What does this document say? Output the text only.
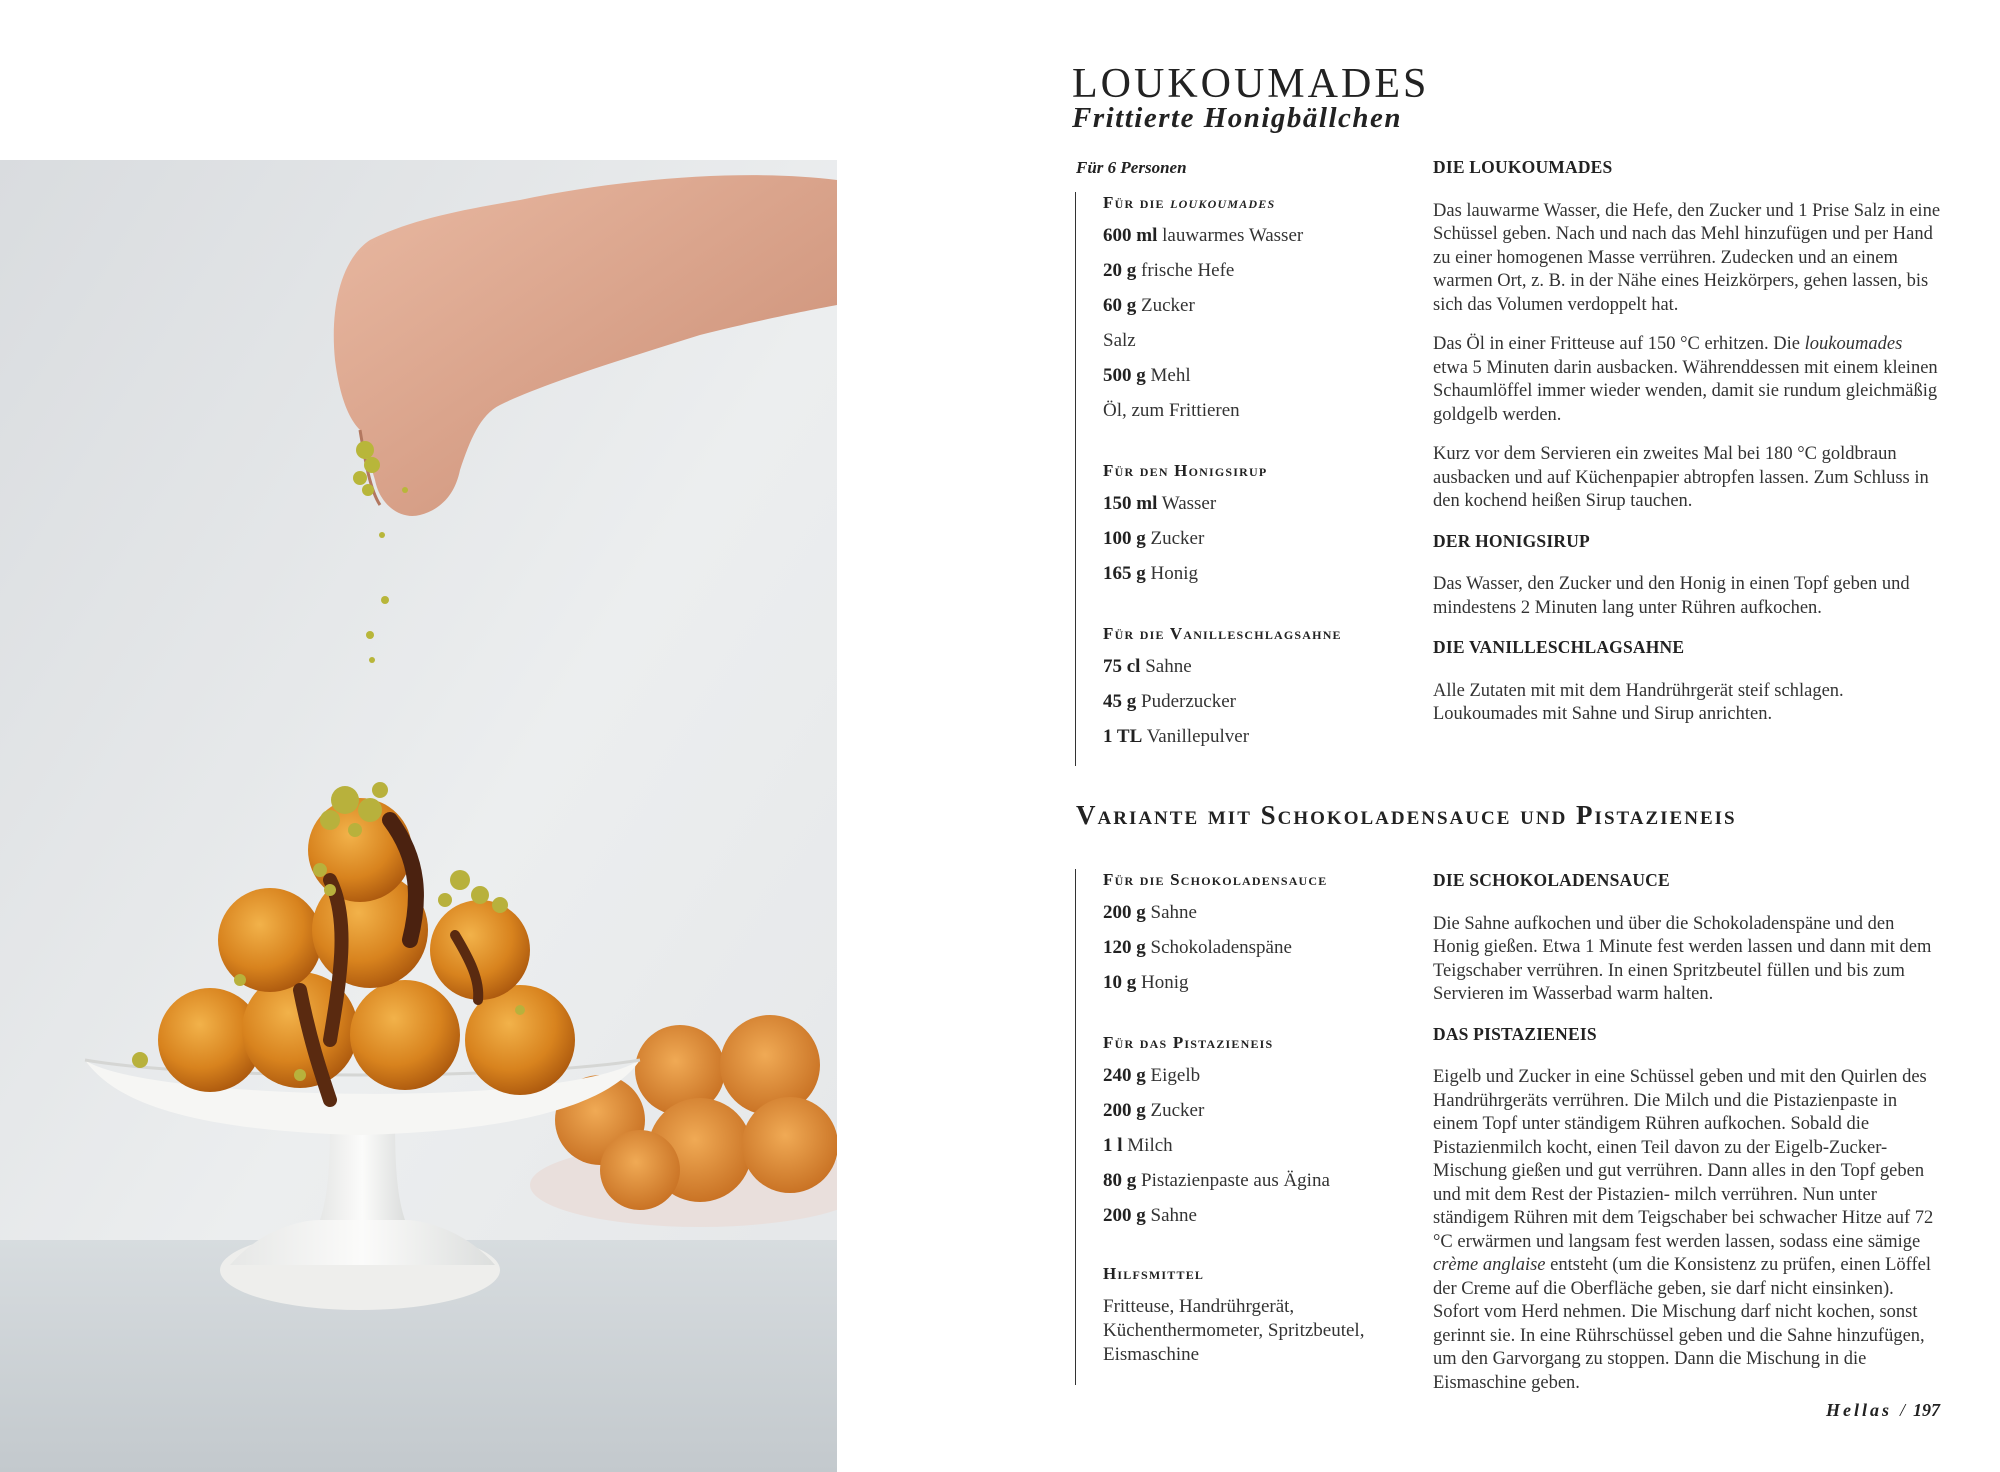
LOUKOUMADES
Frittierte Honigbällchen
Für 6 Personen
Für die loukoumades
600 ml lauwarmes Wasser
20 g frische Hefe
60 g Zucker
Salz
500 g Mehl
Öl, zum Frittieren
Für den Honigsirup
150 ml Wasser
100 g Zucker
165 g Honig
Für die Vanilleschlagsahne
75 cl Sahne
45 g Puderzucker
1 TL Vanillepulver
DIE LOUKOUMADES

Das lauwarme Wasser, die Hefe, den Zucker und 1 Prise Salz in eine Schüssel geben. Nach und nach das Mehl hinzufügen und per Hand zu einer homogenen Masse verrühren. Zudecken und an einem warmen Ort, z. B. in der Nähe eines Heizkörpers, gehen lassen, bis sich das Volumen verdoppelt hat.

Das Öl in einer Fritteuse auf 150 °C erhitzen. Die loukoumades etwa 5 Minuten darin ausbacken. Währenddessen mit einem kleinen Schaumlöffel immer wieder wenden, damit sie rundum gleichmäßig goldgelb werden.

Kurz vor dem Servieren ein zweites Mal bei 180 °C goldbraun ausbacken und auf Küchenpapier abtropfen lassen. Zum Schluss in den kochend heißen Sirup tauchen.

DER HONIGSIRUP

Das Wasser, den Zucker und den Honig in einen Topf geben und mindestens 2 Minuten lang unter Rühren aufkochen.

DIE VANILLESCHLAGSAHNE

Alle Zutaten mit mit dem Handrührgerät steif schlagen. Loukoumades mit Sahne und Sirup anrichten.

Variante mit Schokoladensauce und Pistazieneis
Für die Schokoladensauce
200 g Sahne
120 g Schokoladenspäne
10 g Honig
Für das Pistazieneis
240 g Eigelb
200 g Zucker
1 l Milch
80 g Pistazienpaste aus Ägina
200 g Sahne
Hilfsmittel
Fritteuse, Handrührgerät, Küchenthermometer, Spritzbeutel, Eismaschine
DIE SCHOKOLADENSAUCE

Die Sahne aufkochen und über die Schokoladenspäne und den Honig gießen. Etwa 1 Minute fest werden lassen und dann mit dem Teigschaber verrühren. In einen Spritzbeutel füllen und bis zum Servieren im Wasserbad warm halten.

DAS PISTAZIENEIS

Eigelb und Zucker in eine Schüssel geben und mit den Quirlen des Handrührgeräts verrühren. Die Milch und die Pistazienpaste in einem Topf unter ständigem Rühren aufkochen. Sobald die Pistazienmilch kocht, einen Teil davon zu der Eigelb-Zucker-Mischung gießen und gut verrühren. Dann alles in den Topf geben und mit dem Rest der Pistazien- milch verrühren. Nun unter ständigem Rühren mit dem Teigschaber bei schwacher Hitze auf 72 °C erwärmen und langsam fest werden lassen, sodass eine sämige crème anglaise entsteht (um die Konsistenz zu prüfen, einen Löffel der Creme auf die Oberfläche geben, sie darf nicht einsinken). Sofort vom Herd nehmen. Die Mischung darf nicht kochen, sonst gerinnt sie. In eine Rührschüssel geben und die Sahne hinzufügen, um den Garvorgang zu stoppen. Dann die Mischung in die Eismaschine geben.

Hellas / 197
